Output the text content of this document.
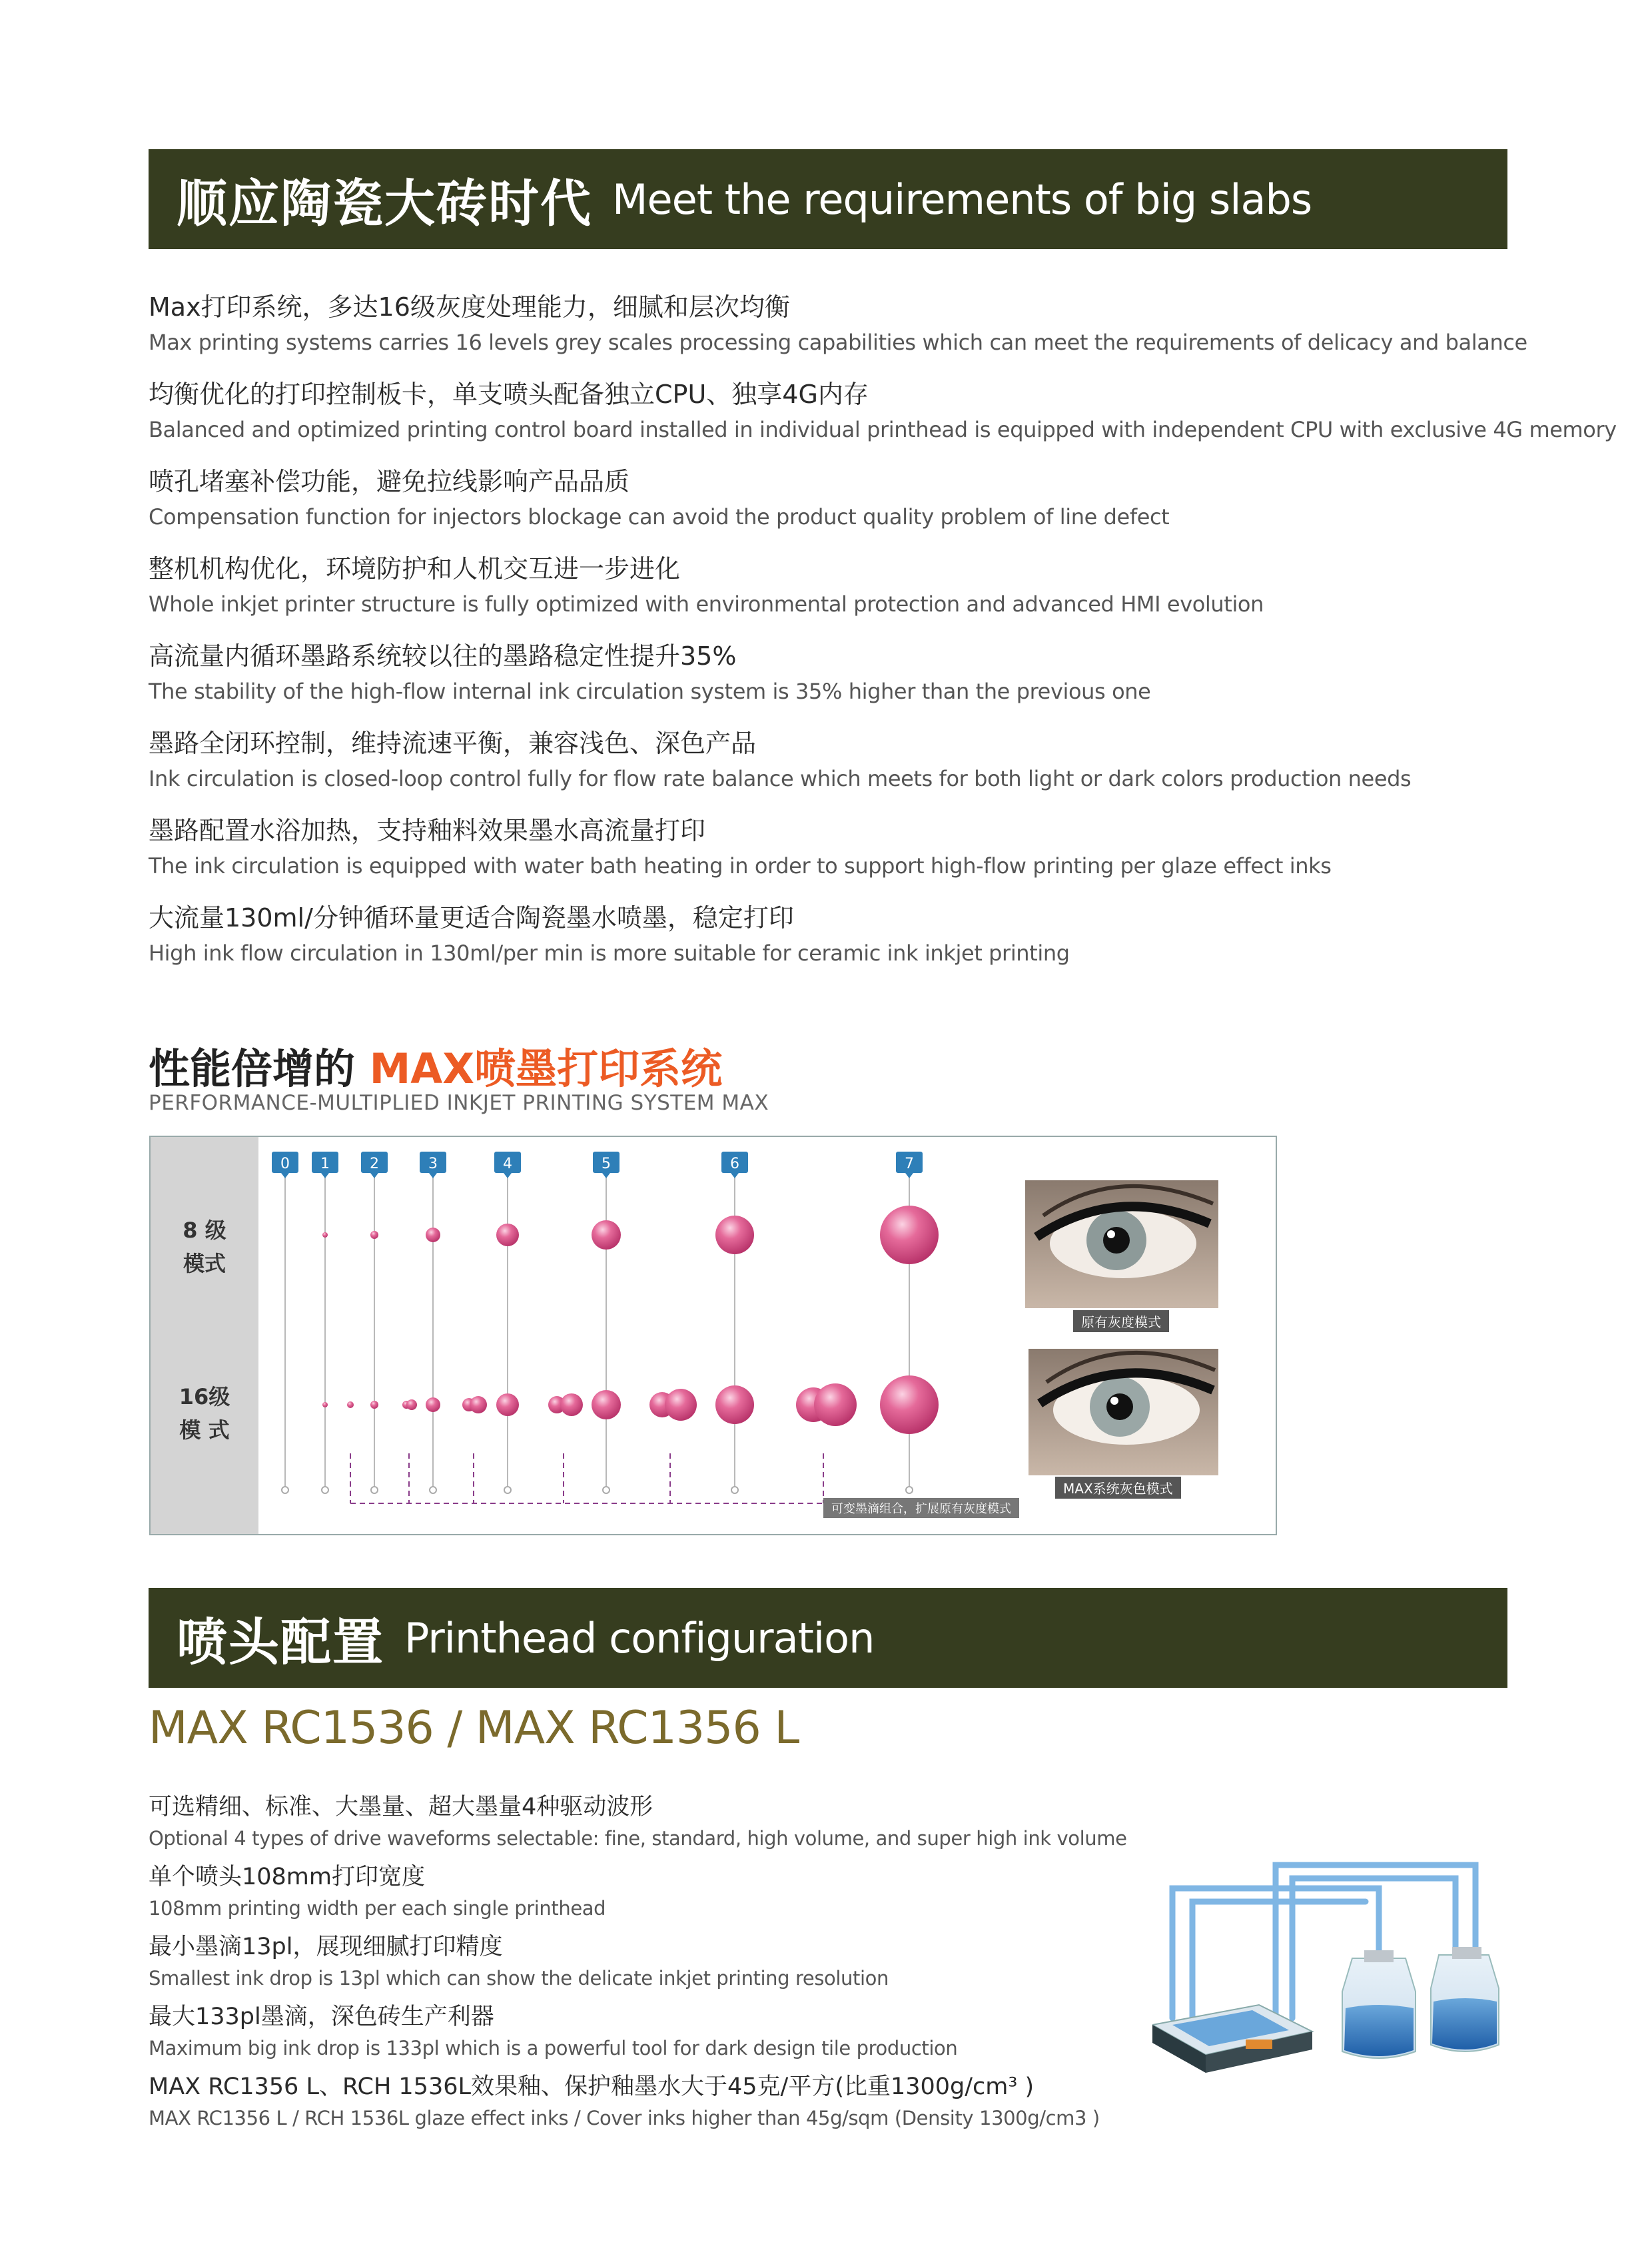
顺应陶瓷大砖时代 Meet the requirements of big slabs
Max打印系统，多达16级灰度处理能力，细腻和层次均衡
Max printing systems carries 16 levels grey scales processing capabilities which can meet the requirements of delicacy and balance
均衡优化的打印控制板卡，单支喷头配备独立CPU、独享4G内存
Balanced and optimized printing control board installed in individual printhead is equipped with independent CPU with exclusive 4G memory
喷孔堵塞补偿功能，避免拉线影响产品品质
Compensation function for injectors blockage can avoid the product quality problem of line defect
整机机构优化，环境防护和人机交互进一步进化
Whole inkjet printer structure is fully optimized with environmental protection and advanced HMI evolution
高流量内循环墨路系统较以往的墨路稳定性提升35%
The stability of the high-flow internal ink circulation system is 35% higher than the previous one
墨路全闭环控制，维持流速平衡，兼容浅色、深色产品
Ink circulation is closed-loop control fully for flow rate balance which meets for both light or dark colors production needs
墨路配置水浴加热，支持釉料效果墨水高流量打印
The ink circulation is equipped with water bath heating in order to support high-flow printing per glaze effect inks
大流量130ml/分钟循环量更适合陶瓷墨水喷墨，稳定打印
High ink flow circulation in 130ml/per min is more suitable for ceramic ink inkjet printing
性能倍增的 MAX喷墨打印系统
PERFORMANCE-MULTIPLIED INKJET PRINTING SYSTEM MAX
8 级
模式
16级
模 式
0 1	2	3	4	5	6	7
原有灰度模式
MAX系统灰色模式
可变墨滴组合，扩展原有灰度模式
喷头配置 Printhead configuration
MAX RC1536 / MAX RC1356 L
可选精细、标准、大墨量、超大墨量4种驱动波形
Optional 4 types of drive waveforms selectable: fine, standard, high volume, and super high ink volume
单个喷头108mm打印宽度
108mm printing width per each single printhead
最小墨滴13pl，展现细腻打印精度
Smallest ink drop is 13pl which can show the delicate inkjet printing resolution
最大133pl墨滴，深色砖生产利器
Maximum big ink drop is 133pl which is a powerful tool for dark design tile production
MAX RC1356 L、RCH 1536L效果釉、保护釉墨水大于45克/平方(比重1300g/cm³ )
MAX RC1356 L / RCH 1536L glaze effect inks / Cover inks higher than 45g/sqm (Density 1300g/cm3 )
